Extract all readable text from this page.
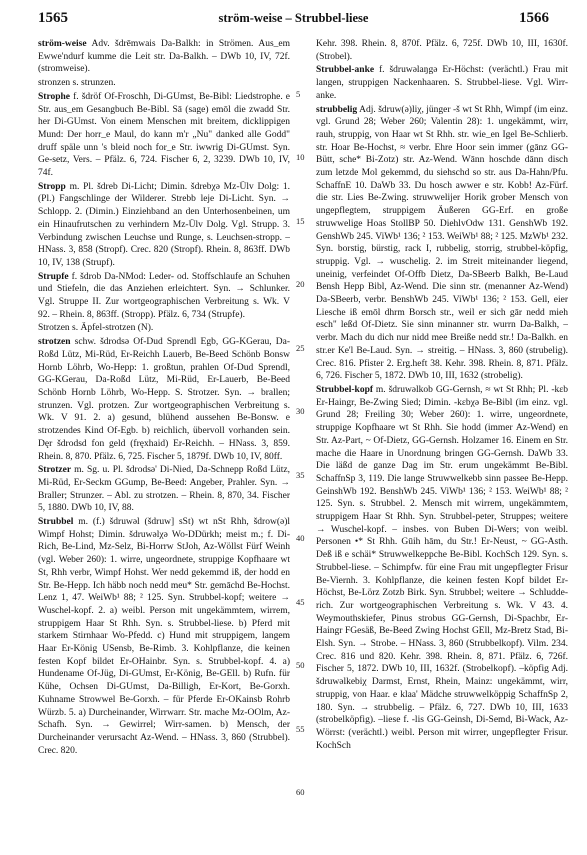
1565	ström-weise – Strubbel-liese	1566

ström-weise Adv. šdrēmwais Da-Balkh: in Strömen. Aus_em Ewwe'ndurf kumme die Leit str. Da-Balkh. – DWb 10, IV, 72f. (stromweise).

stronzen s. strunzen.

Strophe f. šdröf Of-Froschh, Di-GUmst, Be-Bibl: Liedstrophe. e Str. aus_em Gesangbuch Be-Bibl. Sā (sage) emōl die zwadd Str. her Di-GUmst. Von einem Menschen mit breitem, dicklippigen Mund: Der horr_e Maul, do kann m'r „Nu" danked alle Godd" druff späle unn 's bleid noch for_e Str. iwwrig Di-GUmst. Syn. Ge-setz, Vers. – Pfälz. 6, 724. Fischer 6, 2, 3239. DWb 10, IV, 74f.

Stropp m. Pl. šdreb Di-Licht; Dimin. šdrebχə Mz-Ülv Dolg: 1. (Pl.) Fangschlinge der Wilderer. Strebb leje Di-Licht. Syn. → Schlopp. 2. (Dimin.) Einziehband an den Unterhosenbeinen, um ein Hinaufrutschen zu verhindern Mz-Ülv Dolg. Vgl. Strupp. 3. Verbindung zwischen Leuchse und Runge, s. Leuchsen-stropp. – HNass. 3, 858 (Stropf). Crec. 820 (Stropf). Rhein. 8, 863ff. DWb 10, IV, 138 (Strupf).

Strupfe f. šdrob Da-NMod: Leder- od. Stoffschlaufe an Schuhen und Stiefeln, die das Anziehen erleichtert. Syn. → Schlunker. Vgl. Struppe II. Zur wortgeographischen Verbreitung s. Wk. V 92. – Rhein. 8, 863ff. (Stropp). Pfälz. 6, 734 (Strupfe).

Strotzen s. Äpfel-strotzen (N).

strotzen schw. šdrodsə Of-Dud Sprendl Egb, GG-KGerau, Da-Roßd Lütz, Mi-Rüd, Er-Reichh Lauerb, Be-Beed Schönb Bonsw Hornb Löhrb, Wo-Hepp: 1. großtun, prahlen Of-Dud Sprendl, GG-KGerau, Da-Roßd Lütz, Mi-Rüd, Er-Lauerb, Be-Beed Schönb Hornb Löhrb, Wo-Hepp. S. Strotzer. Syn. → brallen; strunzen. Vgl. protzen. Zur wortgeographischen Verbreitung s. Wk. V 91. 2. a) gesund, blühend aussehen Be-Bonsw. e strotzendes Kind Of-Egb. b) reichlich, übervoll vorhanden sein. Dęr šdrodsd fon geld (fręxhaid) Er-Reichh. – HNass. 3, 859. Rhein. 8, 870. Pfälz. 6, 725. Fischer 5, 1879f. DWb 10, IV, 80ff.

Strotzer m. Sg. u. Pl. šdrodsə' Di-Nied, Da-Schnepp Roßd Lütz, Mi-Rüd, Er-Seckm GGump, Be-Beed: Angeber, Prahler. Syn. → Braller; Strunzer. – Abl. zu strotzen. – Rhein. 8, 870, 34. Fischer 5, 1880. DWb 10, IV, 88.

Strubbel m. (f.) šdruwəl (šdruw] sSt) wt nSt Rhh, šdrow(ə)l Wimpf Hohst; Dimin. šdruwəlχə Wo-DDürkh; meist m.; f. Di-Rich, Be-Lind, Mz-Selz, Bi-Horrw StJoh, Az-Wöllst Fürf Weinh (vgl. Weber 260): 1. wirre, ungeordnete, struppige Kopfhaare wt St, Rhh verbr, Wimpf Hohst. Wer nedd gekemmd iß, der hodd en Str. Be-Hepp. Ich häbb noch nedd meu* Str. gemāchd Be-Hochst. Lenz 1, 47. WeiWb¹ 88; ² 125. Syn. Strubbel-kopf; weitere → Wuschel-kopf. 2. a) weibl. Person mit ungekämmtem, wirrem, struppigem Haar St Rhh. Syn. s. Strubbel-liese. b) Pferd mit starkem Stirnhaar Wo-Pfedd. c) Hund mit struppigem, langem Haar Er-König USensb, Be-Rimb. 3. Kohlpflanze, die keinen festen Kopf bildet Er-OHainbr. Syn. s. Strubbel-kopf. 4. a) Hundename Of-Jüg, Di-GUmst, Er-König, Be-GEll. b) Rufn. für Kühe, Ochsen Di-GUmst, Da-Billigh, Er-Kort, Be-Gorxh. Kuhname Strowwel Be-Gorxh. – für Pferde Er-OKainsb Rohrb Würzb. 5. a) Durcheinander, Wirrwarr. Str. mache Mz-OOlm, Az-Schafh. Syn. → Gewirrel; Wirr-samen. b) Mensch, der Durcheinander verursacht Az-Wend. – HNass. 3, 860 (Strubbel). Crec. 820.

5
10
15
20
25
30
35
40
45
50
55
60

Kehr. 398. Rhein. 8, 870f. Pfälz. 6, 725f. DWb 10, III, 1630f. (Strobel).

Strubbel-anke f. šdruwəlaŋgə Er-Höchst: (verächtl.) Frau mit langen, struppigen Nackenhaaren. S. Strubbel-liese. Vgl. Wirr-anke.

strubbelig Adj. šdruw(ə)liχ, jünger -š wt St Rhh, Wimpf (im einz. vgl. Grund 28; Weber 260; Valentin 28): 1. ungekämmt, wirr, rauh, struppig, von Haar wt St Rhh. str. wie_en Igel Be-Schlierb. str. Hoar Be-Hochst, ≈ verbr. Ehre Hoor sein immer (gānz GG-Bütt, sche* Bi-Zotz) str. Az-Wend. Wānn hoschde dānn disch zum letzde Mol gekemmd, du siehschd so str. aus Da-Hahn/Pfu. SchaffnE 10. DaWb 33. Du hosch awwer e str. Kobb! Az-Fürf. die str. Lies Be-Zwing. struwwelijer Horik grober Mensch von ungepflegtem, struppigem Äußeren GG-Erf. en große struwwelige Hoas StollBP 50. DiehlvOdw 131. GenshWb 192. GenshWb 245. ViWb¹ 136; ² 153. WeiWb¹ 88; ² 125. MzWb¹ 232. Syn. borstig, bürstig, rack I, rubbelig, storrig, strubbel-köpfig, struppig. Vgl. → wuschelig. 2. im Streit miteinander liegend, uneinig, verfeindet Of-Offb Dietz, Da-SBeerb Balkh, Be-Laud Bensh Hepp Bibl, Az-Wend. Die sinn str. (menanner Az-Wend) Da-SBeerb, verbr. BenshWb 245. ViWb¹ 136; ² 153. Gell, eier Liesche iß emōl dhrm Borsch str., weil er sich gār nedd mieh esch" leßd Of-Dietz. Sie sinn minanner str. wurrn Da-Balkh, – verbr. Mach du dich nur nidd mee Breiße nedd str.! Da-Balkh. en str.er Ke'l Be-Laud. Syn. → streitig. – HNass. 3, 860 (strubelig). Crec. 816. Pfister 2. Erg.heft 38. Kehr. 398. Rhein. 8, 871. Pfälz. 6, 726. Fischer 5, 1872. DWb 10, III, 1632 (strobelig).

Strubbel-kopf m. šdruwəlkob GG-Gernsh, ≈ wt St Rhh; Pl. -kεb Er-Haingr, Be-Zwing Sied; Dimin. -kεbχə Be-Bibl (im einz. vgl. Grund 28; Freiling 30; Weber 260): 1. wirre, ungeordnete, struppige Kopfhaare wt St Rhh. Sie hodd (immer Az-Wend) en Str. Az-Part, ~ Of-Dietz, GG-Gernsh. Holzamer 16. Einem en Str. mache die Haare in Unordnung bringen GG-Gernsh. DaWb 33. Die läßd de ganze Dag im Str. erum ungekämmt Be-Bibl. SchaffnSp 3, 119. Die lange Struwwelkebb sinn passee Be-Hepp. GeinshWb 192. BenshWb 245. ViWb¹ 136; ² 153. WeiWb¹ 88; ² 125. Syn. s. Strubbel. 2. Mensch mit wirrem, ungekämmtem, struppigem Haar St Rhh. Syn. Strubbel-peter, Struppes; weitere → Wuschel-kopf. – insbes. von Buben Di-Wers; von weibl. Personen •* St Rhh. Gūih hām, du Str.! Er-Neust, ~ GG-Asth. Deß iß e schäi* Struwwelkeppche Be-Bibl. KochSch 129. Syn. s. Strubbel-liese. – Schimpfw. für eine Frau mit ungepflegter Frisur Be-Viernh. 3. Kohlpflanze, die keinen festen Kopf bildet Er-Höchst, Be-Lörz Zotzb Birk. Syn. Strubbel; weitere → Schludde-rich. Zur wortgeographischen Verbreitung s. Wk. V 43. 4. Weymouthskiefer, Pinus strobus GG-Gernsh, Di-Spachbr, Er-Haingr FGesäß, Be-Beed Zwing Hochst GEll, Mz-Bretz Stad, Bi-Elsh. Syn. → Strobe. – HNass. 3, 860 (Strubbelkopf). Vilm. 234. Crec. 816 und 820. Kehr. 398. Rhein. 8, 871. Pfälz. 6, 726f. Fischer 5, 1872. DWb 10, III, 1632f. (Strobelkopf). –köpfig Adj. šdruwəlkebiχ Darmst, Ernst, Rhein, Mainz: ungekämmt, wirr, struppig, von Haar. e klaa' Mädche struwwelköppig SchaffnSp 2, 180. Syn. → strubbelig. – Pfälz. 6, 727. DWb 10, III, 1633 (strobelköpfig). –liese f. -lis GG-Geinsh, Di-Semd, Bi-Wack, Az-Wörrst: (verächtl.) weibl. Person mit wirrer, ungepflegter Frisur. KochSch
